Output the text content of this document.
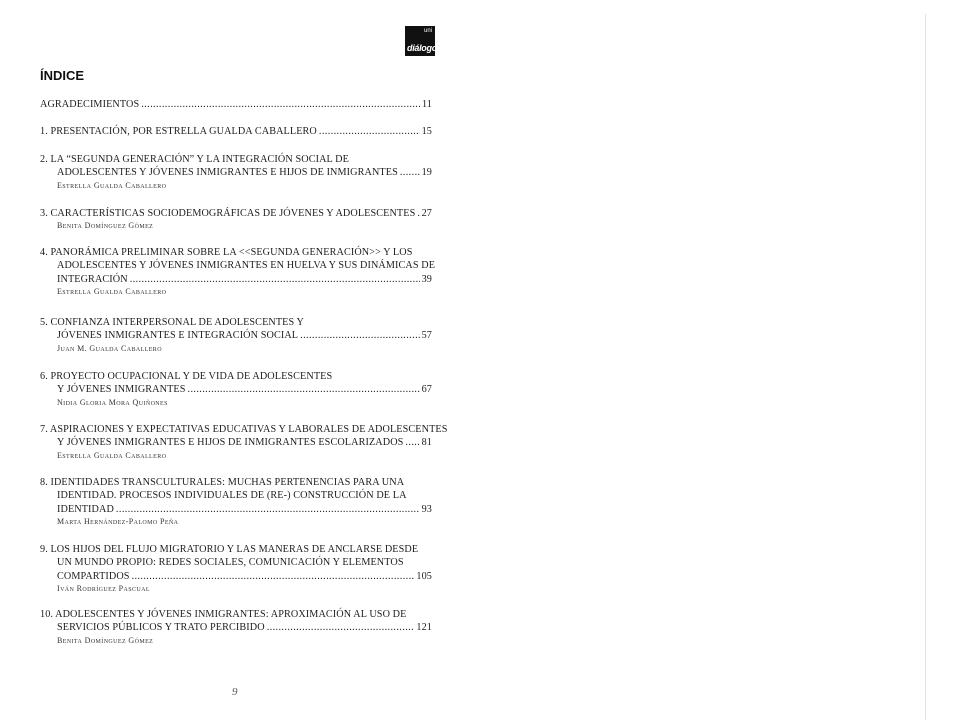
uni
diálogos
ÍNDICE
AGRADECIMIENTOS .....	11
1. PRESENTACIÓN, POR ESTRELLA GUALDA CABALLERO .....	15
2. LA “SEGUNDA GENERACIÓN” Y LA INTEGRACIÓN SOCIAL DE
ADOLESCENTES Y JÓVENES INMIGRANTES E HIJOS DE INMIGRANTES ..... 19
Estrella Gualda Caballero
3. CARACTERÍSTICAS SOCIODEMOGRÁFICAS DE JÓVENES Y ADOLESCENTES ..... 27
Benita Domínguez Gómez
4. PANORÁMICA PRELIMINAR SOBRE LA <<SEGUNDA GENERACIÓN>> Y LOS
ADOLESCENTES Y JÓVENES INMIGRANTES EN HUELVA Y SUS DINÁMICAS DE
INTEGRACIÓN .....	39
Estrella Gualda Caballero
5. CONFIANZA INTERPERSONAL DE ADOLESCENTES Y
JÓVENES INMIGRANTES E INTEGRACIÓN SOCIAL .....	57
Juan M. Gualda Caballero
6. PROYECTO OCUPACIONAL Y DE VIDA DE ADOLESCENTES
Y JÓVENES INMIGRANTES .....	67
Nidia Gloria Mora Quiñones
7. ASPIRACIONES Y EXPECTATIVAS EDUCATIVAS Y LABORALES DE ADOLESCENTES
Y JÓVENES INMIGRANTES E HIJOS DE INMIGRANTES ESCOLARIZADOS ..... 81
Estrella Gualda Caballero
8. IDENTIDADES TRANSCULTURALES: MUCHAS PERTENENCIAS PARA UNA
IDENTIDAD. PROCESOS INDIVIDUALES DE (RE-) CONSTRUCCIÓN DE LA
IDENTIDAD .....	93
Marta Hernández-Palomo Peña
9. LOS HIJOS DEL FLUJO MIGRATORIO Y LAS MANERAS DE ANCLARSE DESDE
UN MUNDO PROPIO: REDES SOCIALES, COMUNICACIÓN Y ELEMENTOS
COMPARTIDOS .....	105
Iván Rodríguez Pascual
10. ADOLESCENTES Y JÓVENES INMIGRANTES: APROXIMACIÓN AL USO DE
SERVICIOS PÚBLICOS Y TRATO PERCIBIDO .....	121
Benita Domínguez Gómez
9
